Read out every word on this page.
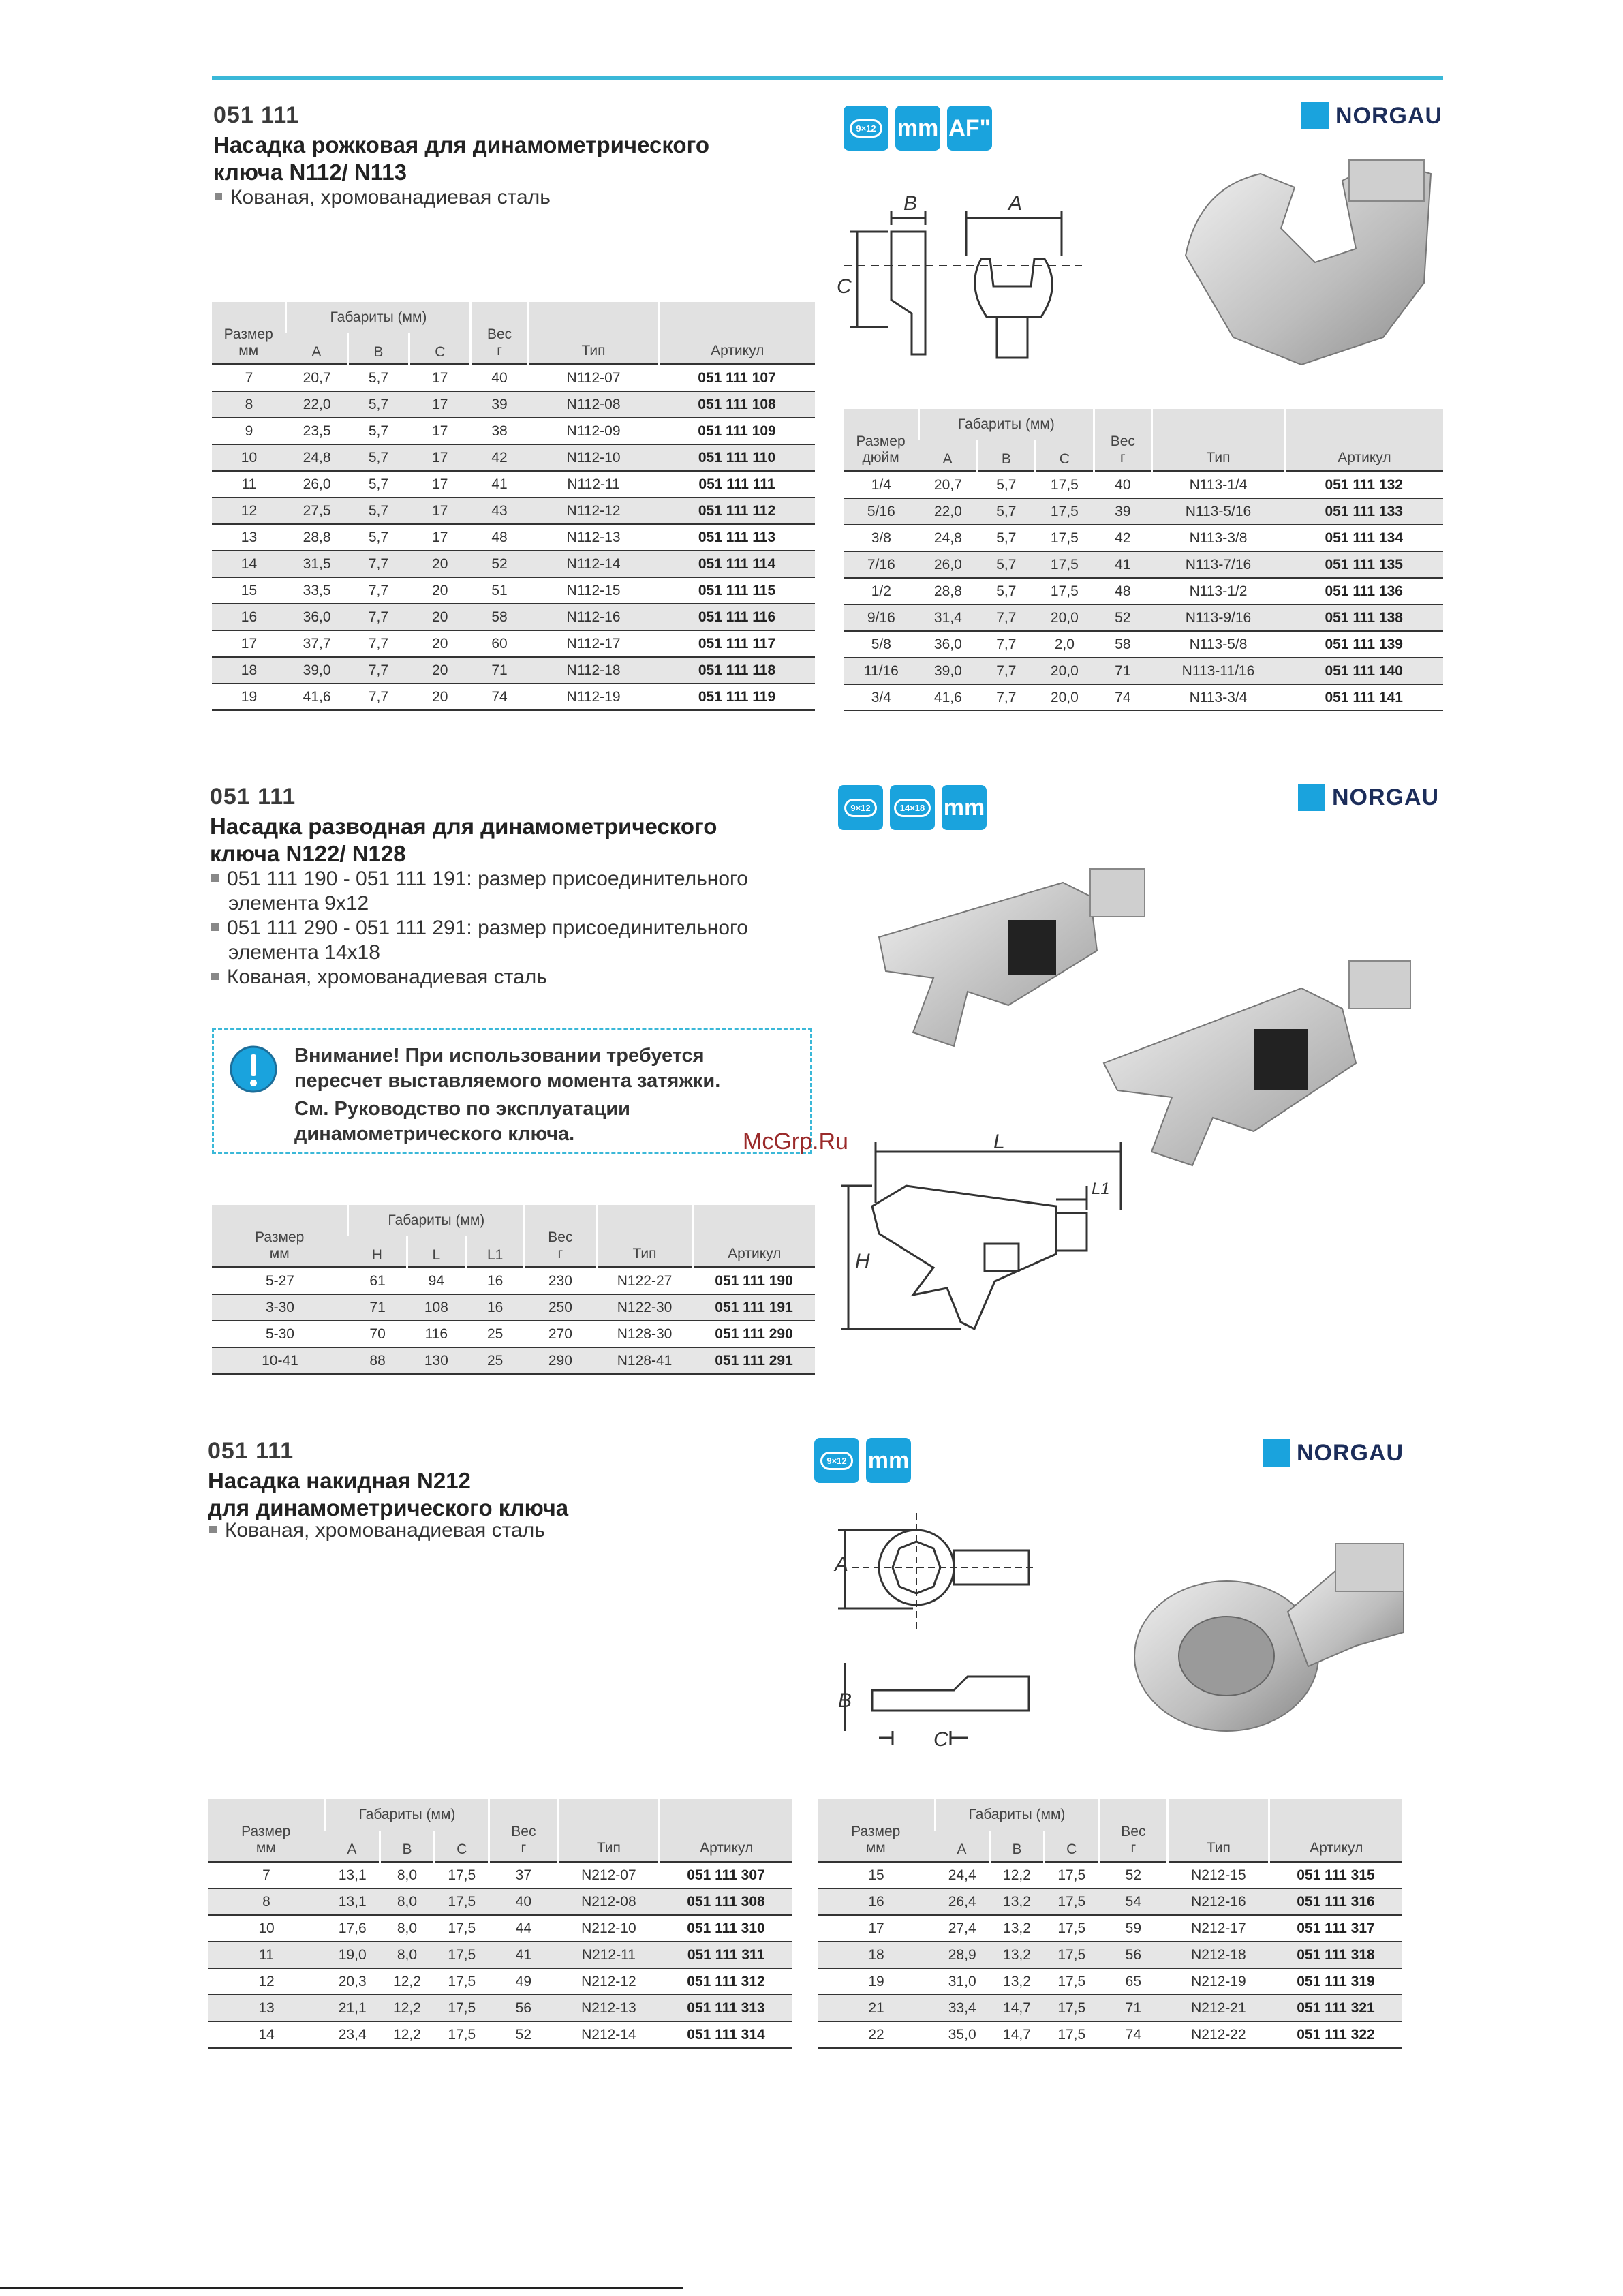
051 111
Насадка рожковая для динамометрического
ключа N112/ N113
Кованая, хромованадиевая сталь
9×12 mm AF"	NORGAU
B	A
C
Размер
мм	Габариты (мм)			Вес
г	Тип	Артикул
	A	B	C			
7	20,7	5,7	17	40	N112-07	051 111 107
8	22,0	5,7	17	39	N112-08	051 111 108
9	23,5	5,7	17	38	N112-09	051 111 109
10	24,8	5,7	17	42	N112-10	051 111 110
11	26,0	5,7	17	41	N112-11	051 111 111
12	27,5	5,7	17	43	N112-12	051 111 112
13	28,8	5,7	17	48	N112-13	051 111 113
14	31,5	7,7	20	52	N112-14	051 111 114
15	33,5	7,7	20	51	N112-15	051 111 115
16	36,0	7,7	20	58	N112-16	051 111 116
17	37,7	7,7	20	60	N112-17	051 111 117
18	39,0	7,7	20	71	N112-18	051 111 118
19	41,6	7,7	20	74	N112-19	051 111 119
Размер
дюйм	Габариты (мм)			Вес
г	Тип	Артикул
	A	B	C			
1/4	20,7	5,7	17,5	40	N113-1/4	051 111 132
5/16	22,0	5,7	17,5	39	N113-5/16	051 111 133
3/8	24,8	5,7	17,5	42	N113-3/8	051 111 134
7/16	26,0	5,7	17,5	41	N113-7/16	051 111 135
1/2	28,8	5,7	17,5	48	N113-1/2	051 111 136
9/16	31,4	7,7	20,0	52	N113-9/16	051 111 138
5/8	36,0	7,7	2,0	58	N113-5/8	051 111 139
11/16	39,0	7,7	20,0	71	N113-11/16	051 111 140
3/4	41,6	7,7	20,0	74	N113-3/4	051 111 141
051 111
Насадка разводная для динамометрического
ключа N122/ N128
051 111 190 - 051 111 191: размер присоединительного
элемента 9x12
051 111 290 - 051 111 291: размер присоединительного
элемента 14x18
Кованая, хромованадиевая сталь
Внимание! При использовании требуется
пересчет выставляемого момента затяжки.
См. Руководство по эксплуатации
динамометрического ключа.
9×12	14×18 mm	NORGAU
McGrp.Ru	L
L1
H
Размер
мм	Габариты (мм)			Вес
г	Тип	Артикул
	H	L	L1			
5-27	61	94	16	230	N122-27	051 111 190
3-30	71	108	16	250	N122-30	051 111 191
5-30	70	116	25	270	N128-30	051 111 290
10-41	88	130	25	290	N128-41	051 111 291
051 111
Насадка накидная N212
для динамометрического ключа
Кованая, хромованадиевая сталь
9×12 mm	NORGAU
A
B
C
Размер
мм	Габариты (мм)			Вес
г	Тип	Артикул
	A	B	C			
7	13,1	8,0	17,5	37	N212-07	051 111 307
8	13,1	8,0	17,5	40	N212-08	051 111 308
10	17,6	8,0	17,5	44	N212-10	051 111 310
11	19,0	8,0	17,5	41	N212-11	051 111 311
12	20,3	12,2	17,5	49	N212-12	051 111 312
13	21,1	12,2	17,5	56	N212-13	051 111 313
14	23,4	12,2	17,5	52	N212-14	051 111 314
Размер
мм	Габариты (мм)			Вес
г	Тип	Артикул
	A	B	C			
15	24,4	12,2	17,5	52	N212-15	051 111 315
16	26,4	13,2	17,5	54	N212-16	051 111 316
17	27,4	13,2	17,5	59	N212-17	051 111 317
18	28,9	13,2	17,5	56	N212-18	051 111 318
19	31,0	13,2	17,5	65	N212-19	051 111 319
21	33,4	14,7	17,5	71	N212-21	051 111 321
22	35,0	14,7	17,5	74	N212-22	051 111 322
